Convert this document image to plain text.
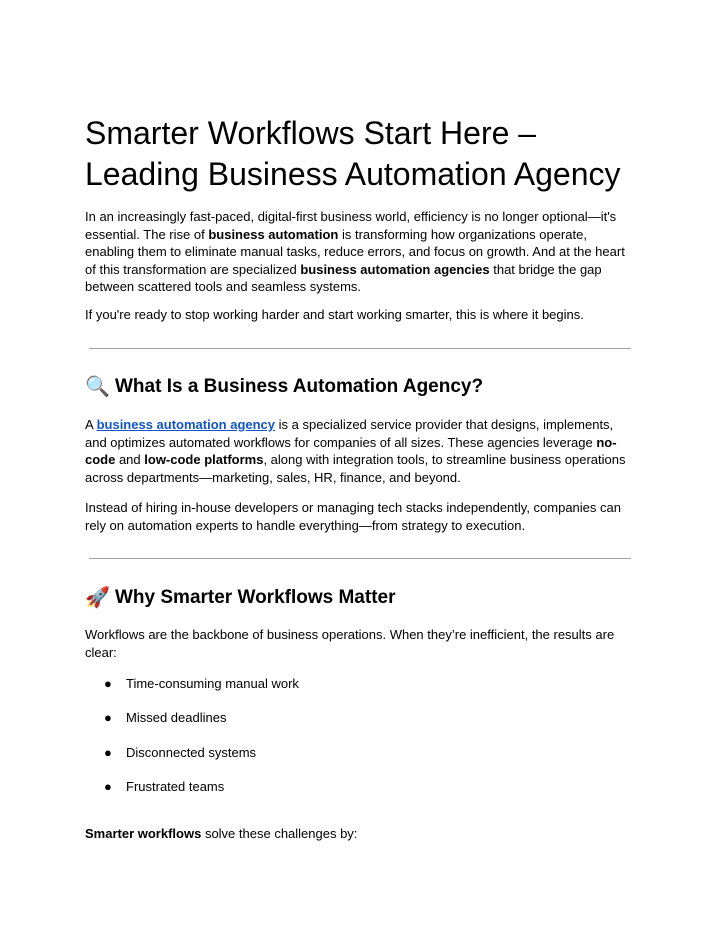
Smarter Workflows Start Here – Leading Business Automation Agency

In an increasingly fast-paced, digital-first business world, efficiency is no longer optional—it's essential. The rise of business automation is transforming how organizations operate, enabling them to eliminate manual tasks, reduce errors, and focus on growth. And at the heart of this transformation are specialized business automation agencies that bridge the gap between scattered tools and seamless systems.

If you're ready to stop working harder and start working smarter, this is where it begins.

🔍 What Is a Business Automation Agency?

A business automation agency is a specialized service provider that designs, implements, and optimizes automated workflows for companies of all sizes. These agencies leverage no-code and low-code platforms, along with integration tools, to streamline business operations across departments—marketing, sales, HR, finance, and beyond.

Instead of hiring in-house developers or managing tech stacks independently, companies can rely on automation experts to handle everything—from strategy to execution.

🚀 Why Smarter Workflows Matter

Workflows are the backbone of business operations. When they’re inefficient, the results are clear:

● Time-consuming manual work
● Missed deadlines
● Disconnected systems
● Frustrated teams

Smarter workflows solve these challenges by:
